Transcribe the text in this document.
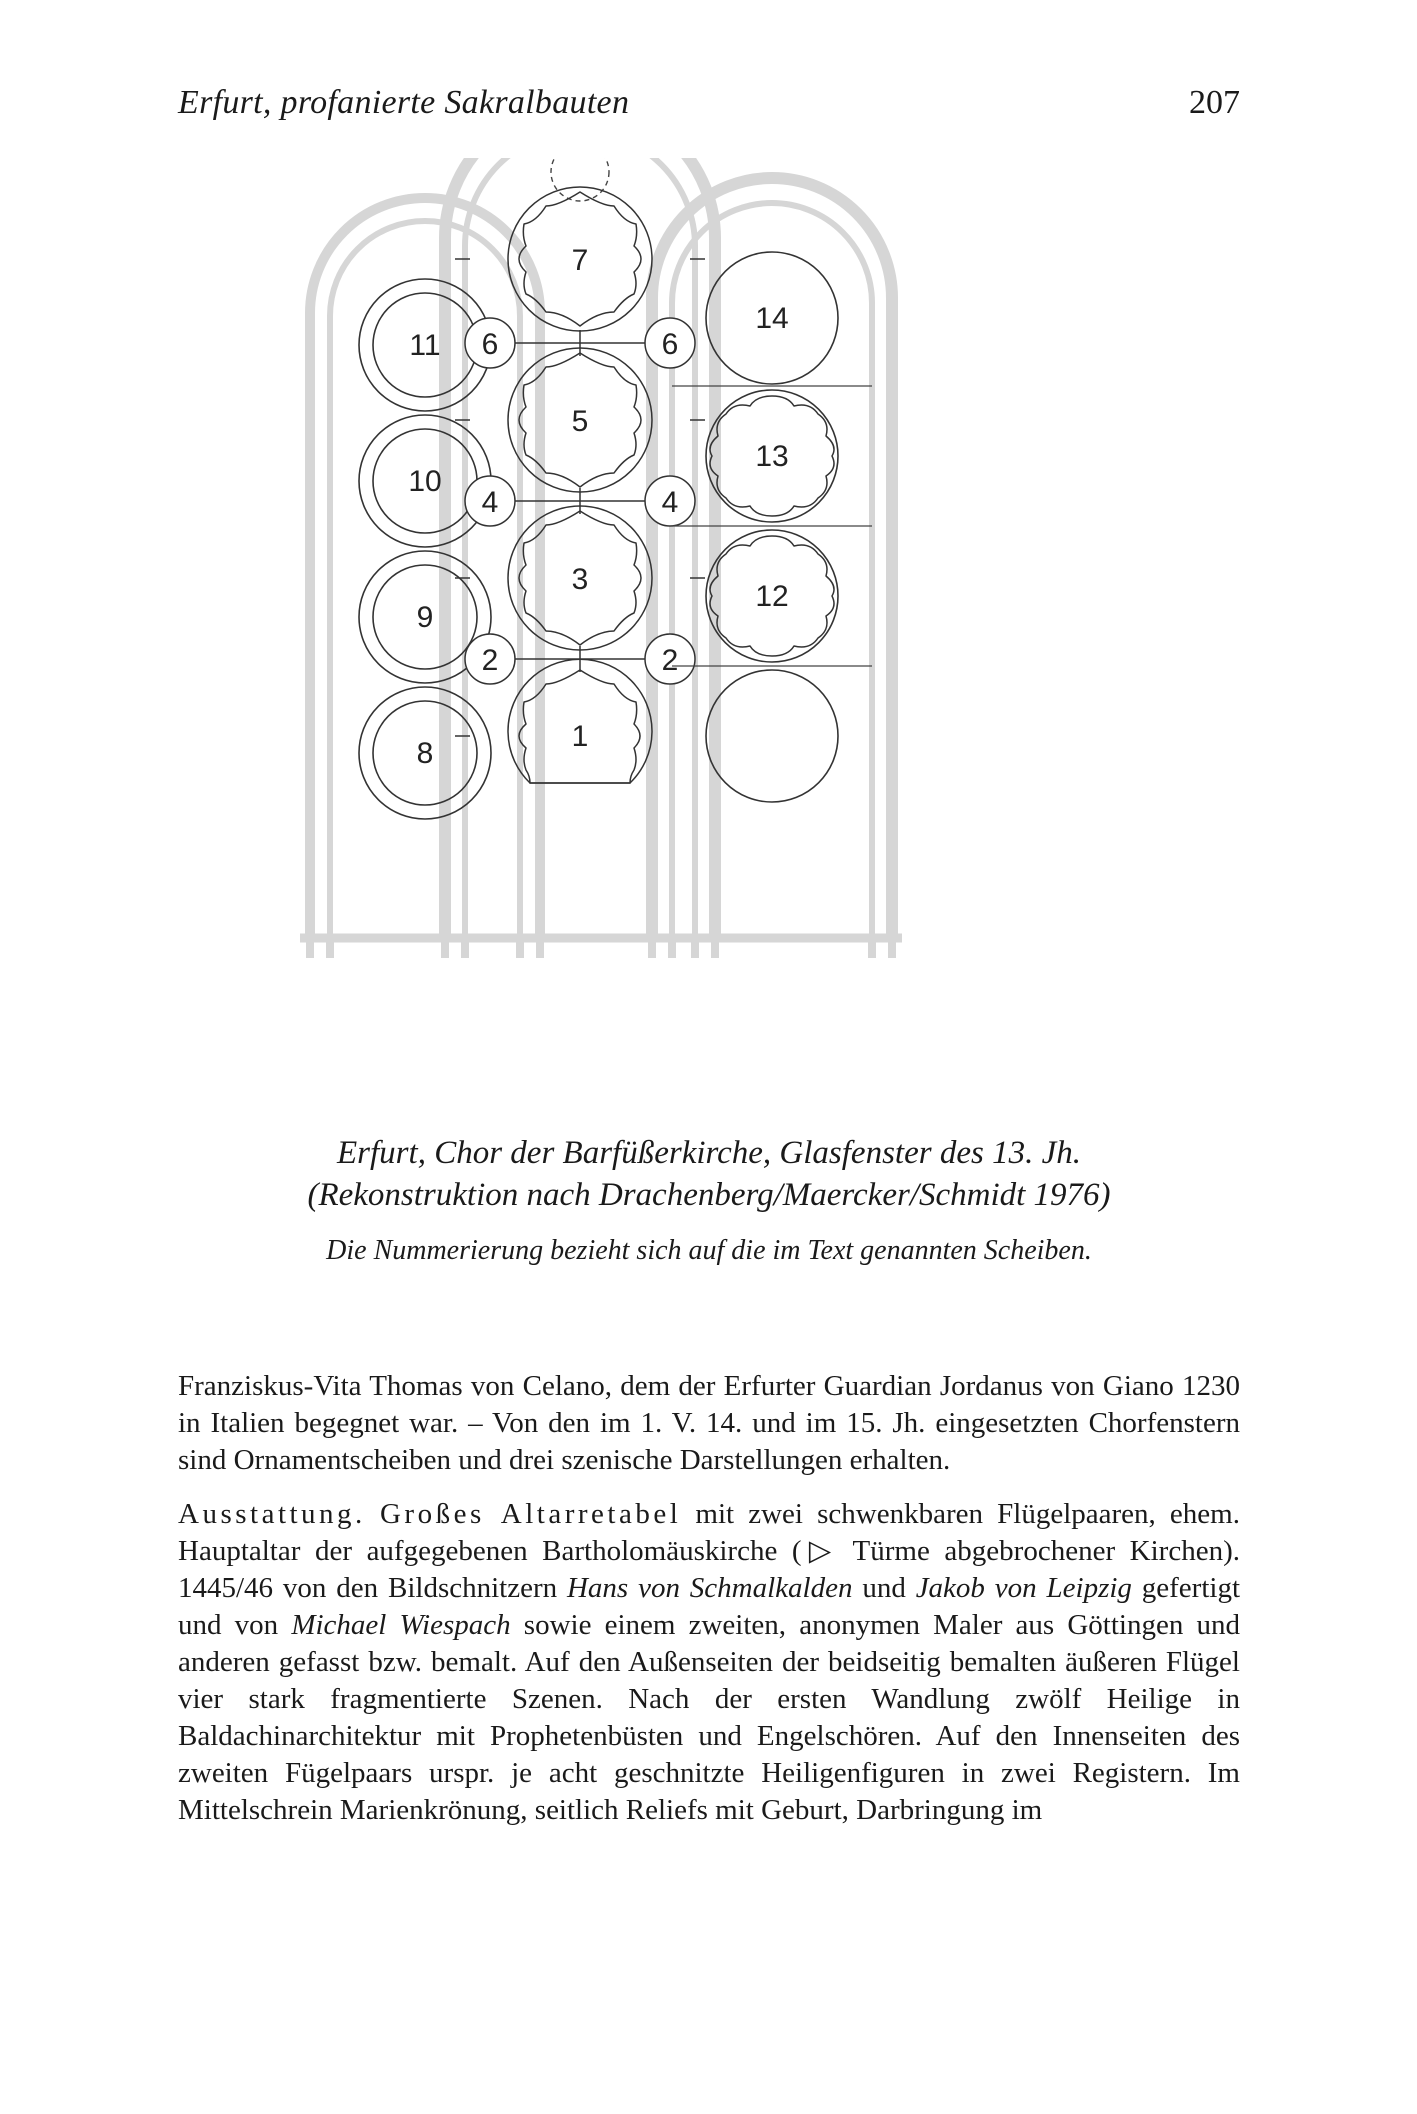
Erfurt, profanierte Sakralbauten	207
11
10
9
8
7
5
3
1
6	6
4	4
2	2
14
13
12

Erfurt, Chor der Barfüßerkirche, Glasfenster des 13. Jh.

(Rekonstruktion nach Drachenberg/Maercker/Schmidt 1976)

Die Nummerierung bezieht sich auf die im Text genannten Scheiben.

Franziskus-Vita Thomas von Celano, dem der Erfurter Guardian Jordanus von Giano 1230 in Italien begegnet war. – Von den im 1. V. 14. und im 15. Jh. eingesetzten Chorfenstern sind Ornamentscheiben und drei szenische Darstellungen erhalten.

Ausstattung. Großes Altarretabel mit zwei schwenkbaren Flügelpaaren, ehem. Hauptaltar der aufgegebenen Bartholomäuskirche (▷ Türme abgebrochener Kirchen). 1445/46 von den Bildschnitzern Hans von Schmalkalden und Jakob von Leipzig gefertigt und von Michael Wiespach sowie einem zweiten, anonymen Maler aus Göttingen und anderen gefasst bzw. bemalt. Auf den Außenseiten der beidseitig bemalten äußeren Flügel vier stark fragmentierte Szenen. Nach der ersten Wandlung zwölf Heilige in Baldachinarchitektur mit Prophetenbüsten und Engelschören. Auf den Innenseiten des zweiten Fügelpaars urspr. je acht geschnitzte Heiligenfiguren in zwei Registern. Im Mittelschrein Marienkrönung, seitlich Reliefs mit Geburt, Darbringung im
